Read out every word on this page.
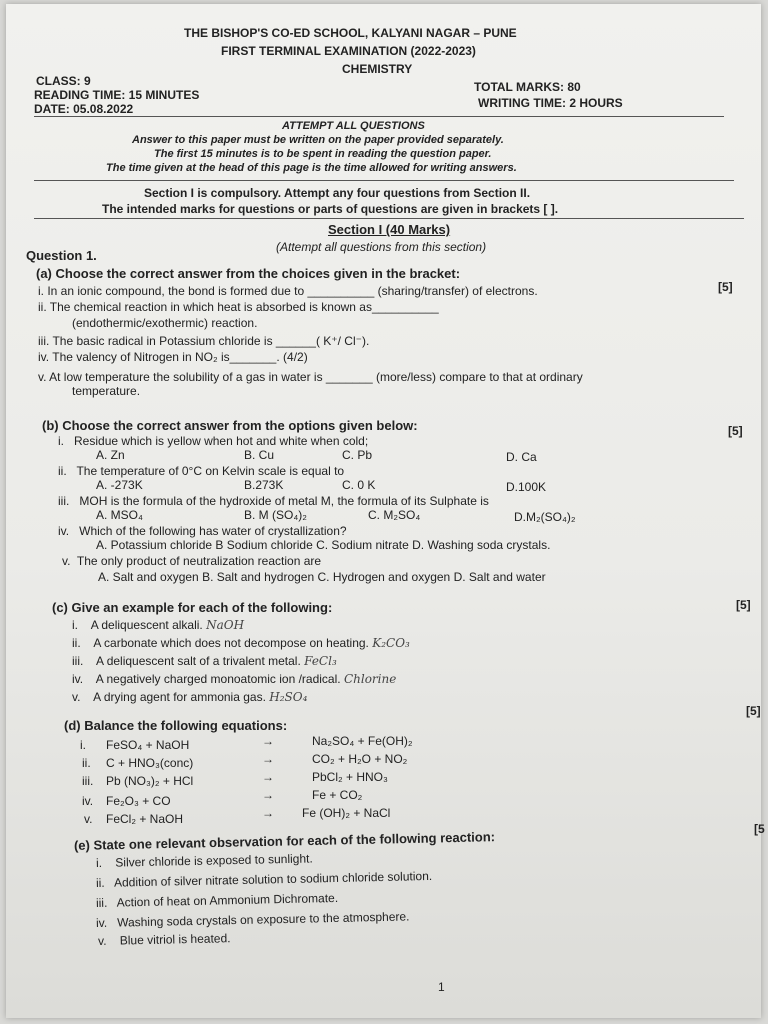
THE BISHOP'S CO-ED SCHOOL, KALYANI NAGAR – PUNE
FIRST TERMINAL EXAMINATION (2022-2023)
CHEMISTRY
CLASS: 9
READING TIME: 15 MINUTES
DATE: 05.08.2022
TOTAL MARKS: 80
WRITING TIME: 2 HOURS
ATTEMPT ALL QUESTIONS
Answer to this paper must be written on the paper provided separately.
The first 15 minutes is to be spent in reading the question paper.
The time given at the head of this page is the time allowed for writing answers.
Section I is compulsory. Attempt any four questions from Section II.
The intended marks for questions or parts of questions are given in brackets [ ].
Section I (40 Marks)
(Attempt all questions from this section)
Question 1.
(a) Choose the correct answer from the choices given in the bracket:
[5]
i. In an ionic compound, the bond is formed due to __________ (sharing/transfer) of electrons.
ii. The chemical reaction in which heat is absorbed is known as__________
(endothermic/exothermic) reaction.
iii. The basic radical in Potassium chloride is ______( K⁺/ Cl⁻).
iv. The valency of Nitrogen in NO₂ is_______. (4/2)
v. At low temperature the solubility of a gas in water is _______ (more/less) compare to that at ordinary
temperature.
(b) Choose the correct answer from the options given below:	[5]
i. Residue which is yellow when hot and white when cold;
A. Zn	B. Cu	C. Pb	D. Ca
ii. The temperature of 0°C on Kelvin scale is equal to
A. -273K	B.273K	C. 0 K	D.100K
iii. MOH is the formula of the hydroxide of metal M, the formula of its Sulphate is
A. MSO₄	B. M (SO₄)₂	C. M₂SO₄	D.M₂(SO₄)₂
iv. Which of the following has water of crystallization?
A. Potassium chloride B Sodium chloride C. Sodium nitrate D. Washing soda crystals.
v. The only product of neutralization reaction are
A. Salt and oxygen B. Salt and hydrogen C. Hydrogen and oxygen D. Salt and water
(c) Give an example for each of the following:	[5]
i. A deliquescent alkali. NaOH
ii. A carbonate which does not decompose on heating. K₂CO₃
iii. A deliquescent salt of a trivalent metal. FeCl₃
iv. A negatively charged monoatomic ion /radical. Chlorine
v. A drying agent for ammonia gas. H₂SO₄
(d) Balance the following equations:
[5]
i. FeSO₄ + NaOH	→	Na₂SO₄ + Fe(OH)₂
ii. C + HNO₃(conc)	→	CO₂ + H₂O + NO₂
iii. Pb (NO₃)₂ + HCl	→	PbCl₂ + HNO₃
iv. Fe₂O₃ + CO	→	Fe + CO₂
v. FeCl₂ + NaOH	→ Fe (OH)₂ + NaCl
(e) State one relevant observation for each of the following reaction:
[5
i. Silver chloride is exposed to sunlight.
ii. Addition of silver nitrate solution to sodium chloride solution.
iii. Action of heat on Ammonium Dichromate.
iv. Washing soda crystals on exposure to the atmosphere.
v. Blue vitriol is heated.
1
